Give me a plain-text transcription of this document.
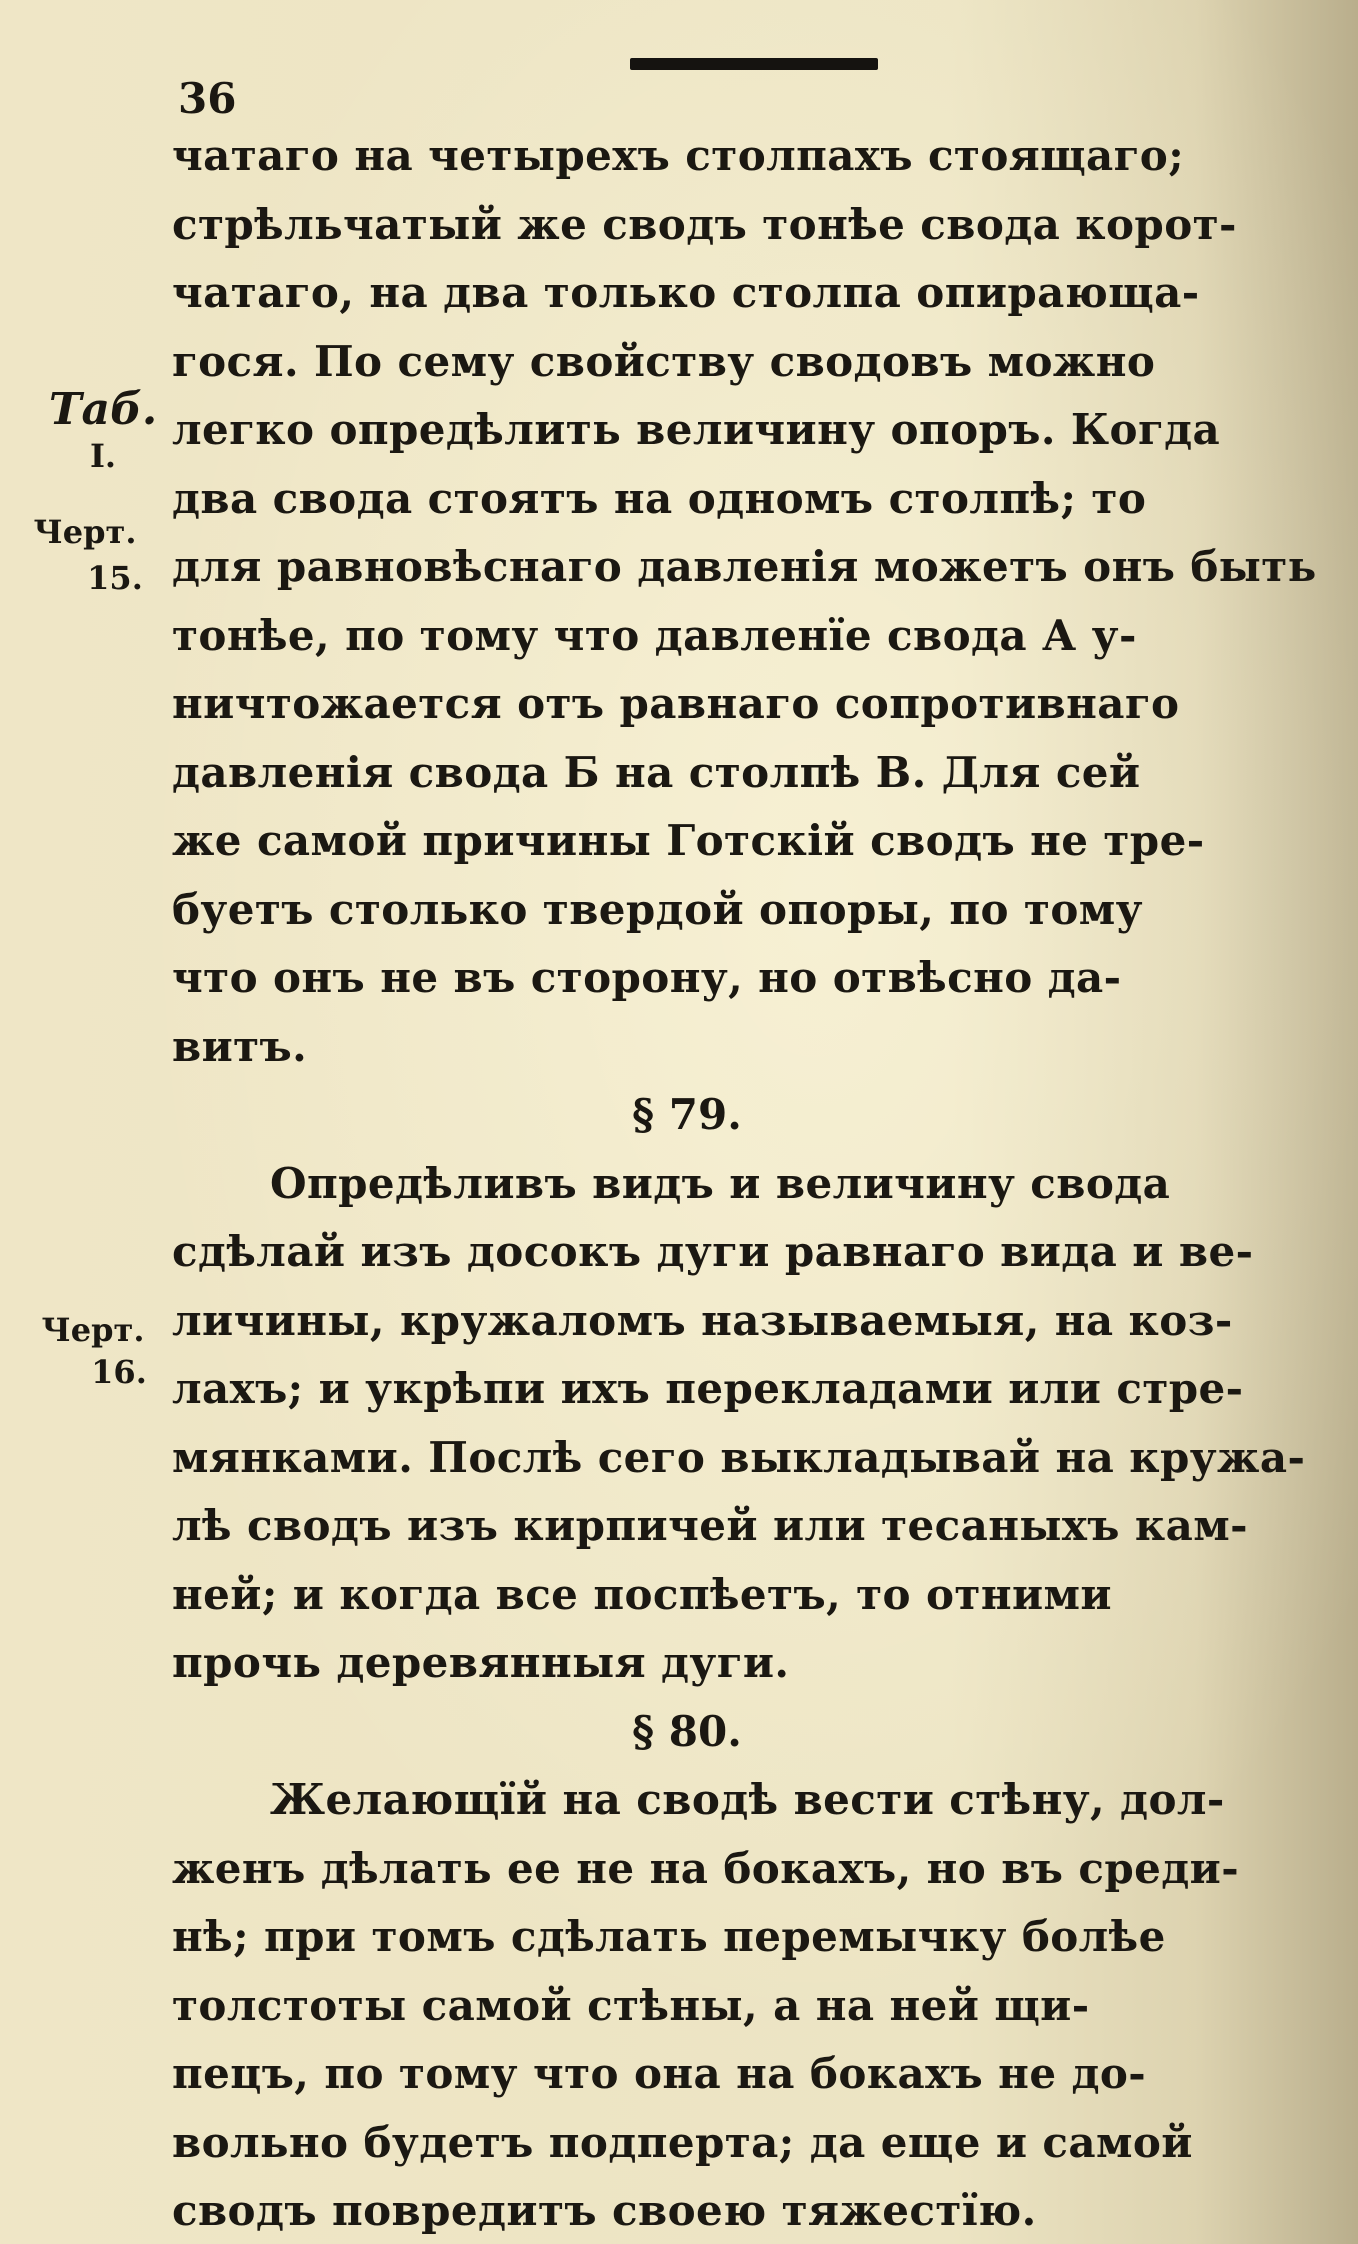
36
Таб.
I.
Черт.
15.
Черт.
16.
чатаго на четырехъ столпахъ стоящаго;
стрѣльчатый же сводъ тонѣе свода корот-
чатаго, на два только столпа опирающа-
гося. По сему свойству сводовъ можно
легко опредѣлить величину опоръ. Когда
два свода стоятъ на одномъ столпѣ; то
для равновѣснаго давленія можетъ онъ быть
тонѣе, по тому что давленїе свода А у-
ничтожается отъ равнаго сопротивнаго
давленія свода Б на столпѣ В. Для сей
же самой причины Готскій сводъ не тре-
буетъ столько твердой опоры, по тому
что онъ не въ сторону, но отвѣсно да-
витъ.
§ 79.
Опредѣливъ видъ и величину свода
сдѣлай изъ досокъ дуги равнаго вида и ве-
личины, кружаломъ называемыя, на коз-
лахъ; и укрѣпи ихъ перекладами или стре-
мянками. Послѣ сего выкладывай на кружа-
лѣ сводъ изъ кирпичей или тесаныхъ кам-
ней; и когда все поспѣетъ, то отними
прочь деревянныя дуги.
§ 80.
Желающїй на сводѣ вести стѣну, дол-
женъ дѣлать ее не на бокахъ, но въ среди-
нѣ; при томъ сдѣлать перемычку болѣе
толстоты самой стѣны, а на ней щи-
пецъ, по тому что она на бокахъ не до-
вольно будетъ подперта; да еще и самой
сводъ повредитъ своею тяжестїю.
